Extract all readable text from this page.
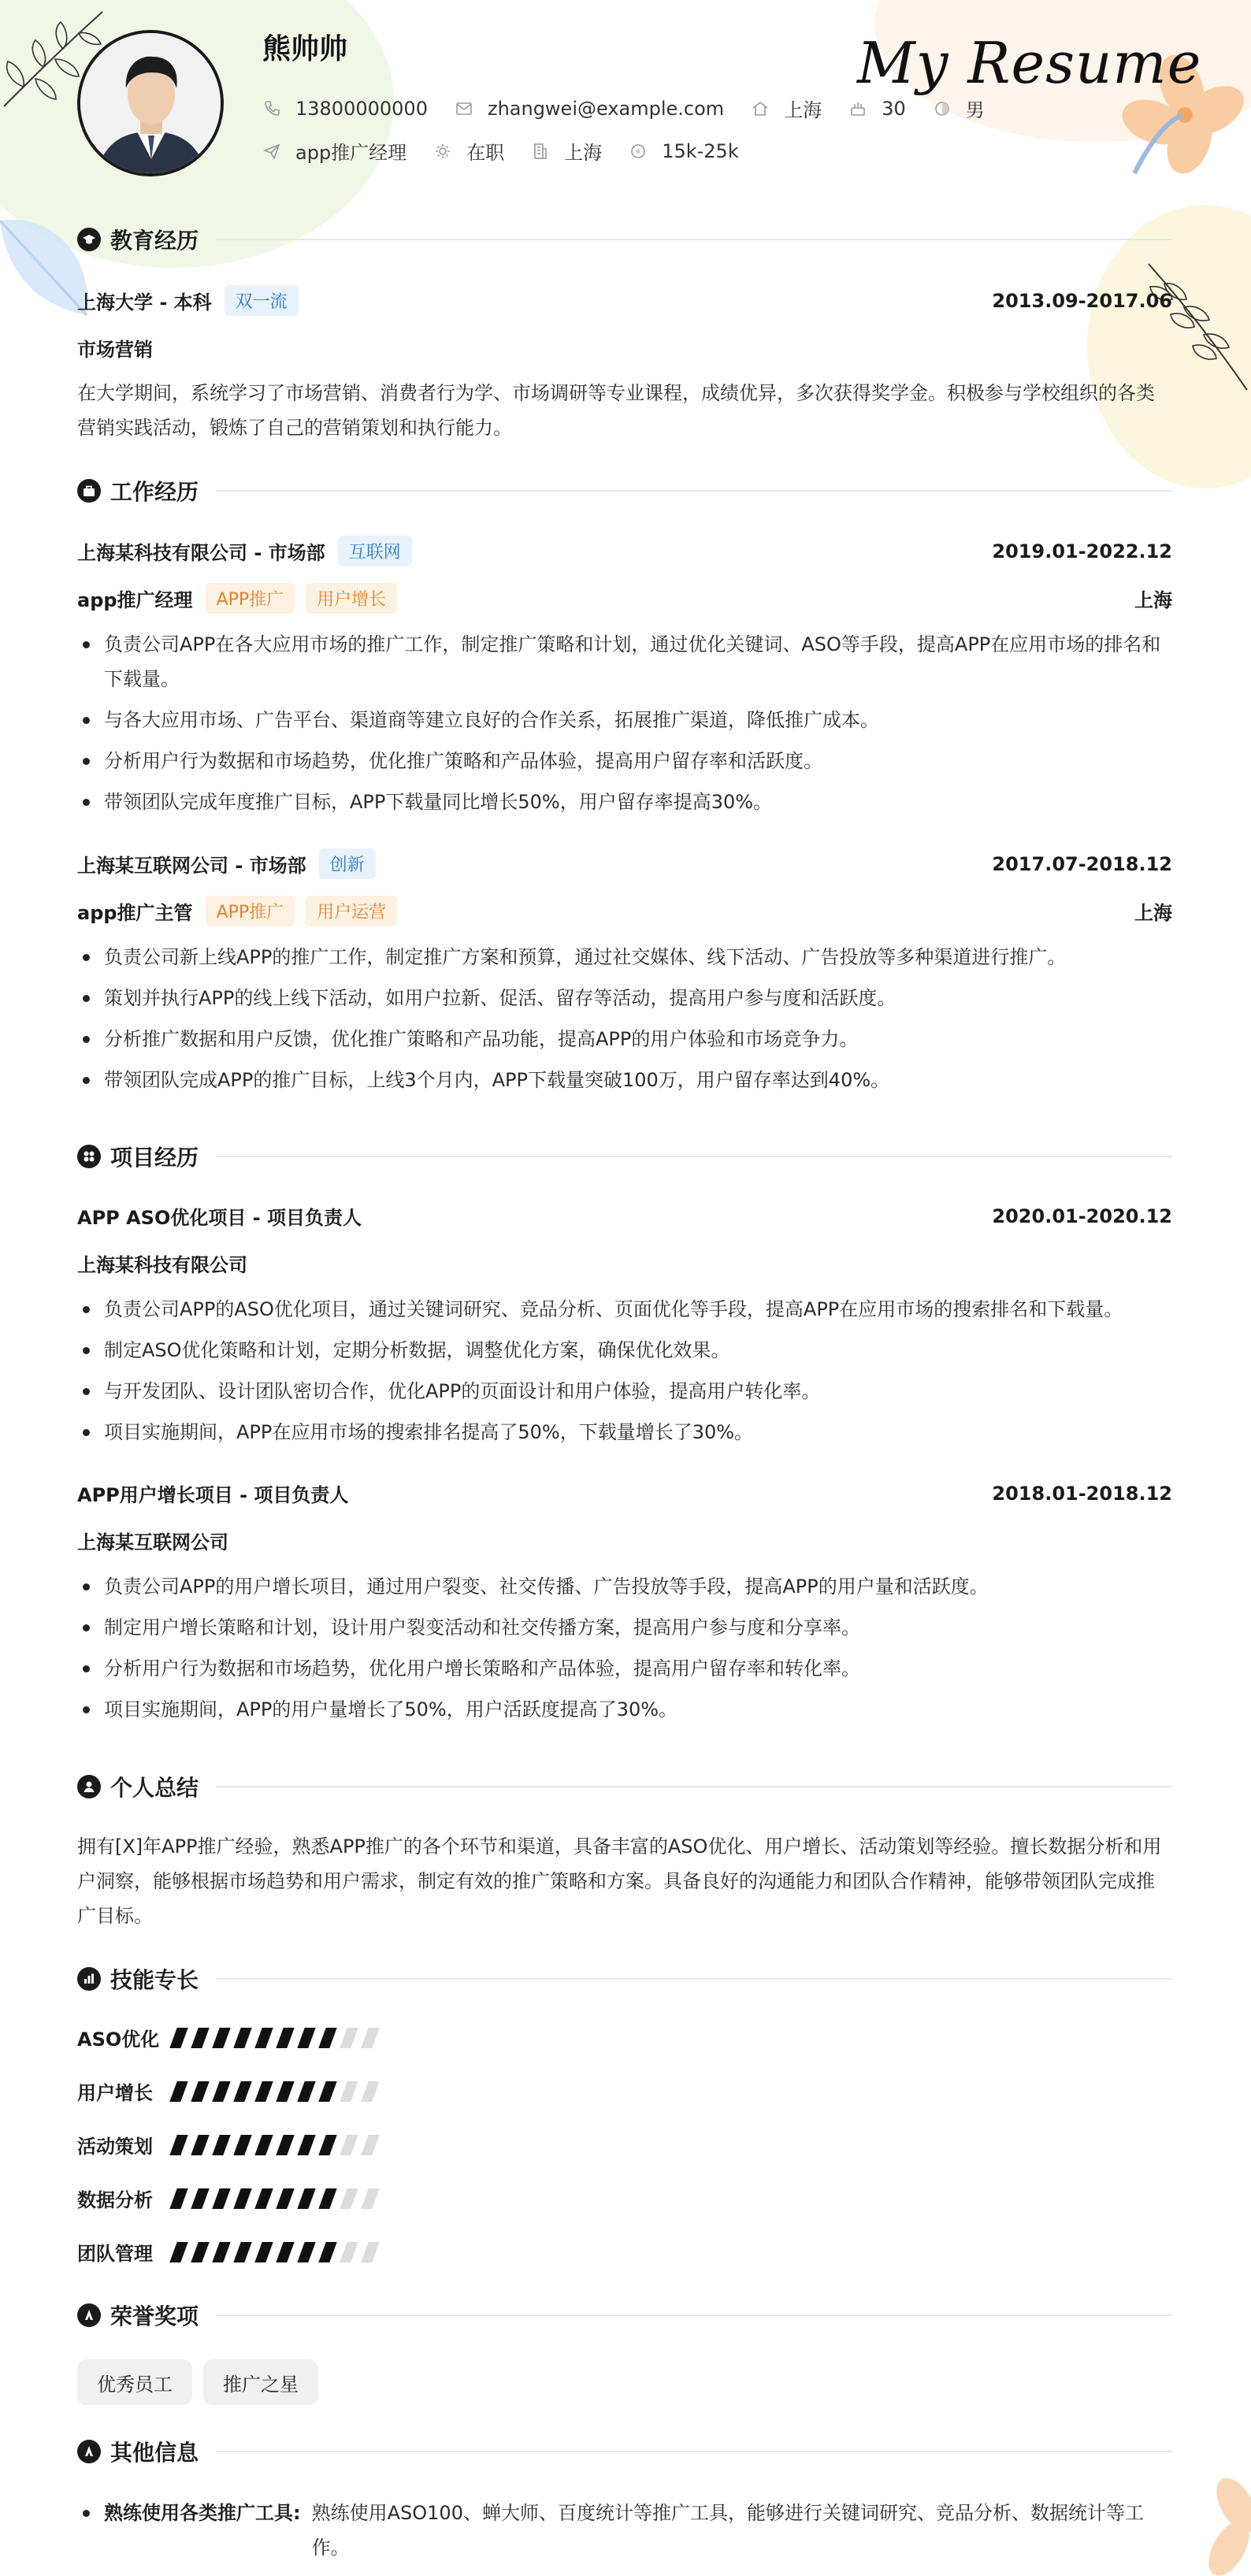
熊帅帅	My Resume
13800000000	zhangwei@example.com	上海	30	男
app推广经理	在职	上海	15k-25k
教育经历
上海大学 - 本科	双一流	2013.09-2017.06
市场营销

在大学期间，系统学习了市场营销、消费者行为学、市场调研等专业课程，成绩优异，多次获得奖学金。积极参与学校组织的各类营销实践活动，锻炼了自己的营销策划和执行能力。

工作经历
上海某科技有限公司 - 市场部	互联网	2019.01-2022.12
app推广经理	APP推广	用户增长	上海
负责公司APP在各大应用市场的推广工作，制定推广策略和计划，通过优化关键词、ASO等手段，提高APP在应用市场的排名和下载量。
与各大应用市场、广告平台、渠道商等建立良好的合作关系，拓展推广渠道，降低推广成本。
分析用户行为数据和市场趋势，优化推广策略和产品体验，提高用户留存率和活跃度。
带领团队完成年度推广目标，APP下载量同比增长50%，用户留存率提高30%。
上海某互联网公司 - 市场部	创新	2017.07-2018.12
app推广主管	APP推广	用户运营	上海
负责公司新上线APP的推广工作，制定推广方案和预算，通过社交媒体、线下活动、广告投放等多种渠道进行推广。
策划并执行APP的线上线下活动，如用户拉新、促活、留存等活动，提高用户参与度和活跃度。
分析推广数据和用户反馈，优化推广策略和产品功能，提高APP的用户体验和市场竞争力。
带领团队完成APP的推广目标，上线3个月内，APP下载量突破100万，用户留存率达到40%。
项目经历
APP ASO优化项目 - 项目负责人	2020.01-2020.12
上海某科技有限公司
负责公司APP的ASO优化项目，通过关键词研究、竞品分析、页面优化等手段，提高APP在应用市场的搜索排名和下载量。
制定ASO优化策略和计划，定期分析数据，调整优化方案，确保优化效果。
与开发团队、设计团队密切合作，优化APP的页面设计和用户体验，提高用户转化率。
项目实施期间，APP在应用市场的搜索排名提高了50%，下载量增长了30%。
APP用户增长项目 - 项目负责人	2018.01-2018.12
上海某互联网公司
负责公司APP的用户增长项目，通过用户裂变、社交传播、广告投放等手段，提高APP的用户量和活跃度。
制定用户增长策略和计划，设计用户裂变活动和社交传播方案，提高用户参与度和分享率。
分析用户行为数据和市场趋势，优化用户增长策略和产品体验，提高用户留存率和转化率。
项目实施期间，APP的用户量增长了50%，用户活跃度提高了30%。
个人总结

拥有[X]年APP推广经验，熟悉APP推广的各个环节和渠道，具备丰富的ASO优化、用户增长、活动策划等经验。擅长数据分析和用户洞察，能够根据市场趋势和用户需求，制定有效的推广策略和方案。具备良好的沟通能力和团队合作精神，能够带领团队完成推广目标。

技能专长
ASO优化
用户增长
活动策划
数据分析
团队管理
荣誉奖项
优秀员工	推广之星
其他信息
熟练使用各类推广工具: 熟练使用ASO100、蝉大师、百度统计等推广工具，能够进行关键词研究、竞品分析、数据统计等工作。
